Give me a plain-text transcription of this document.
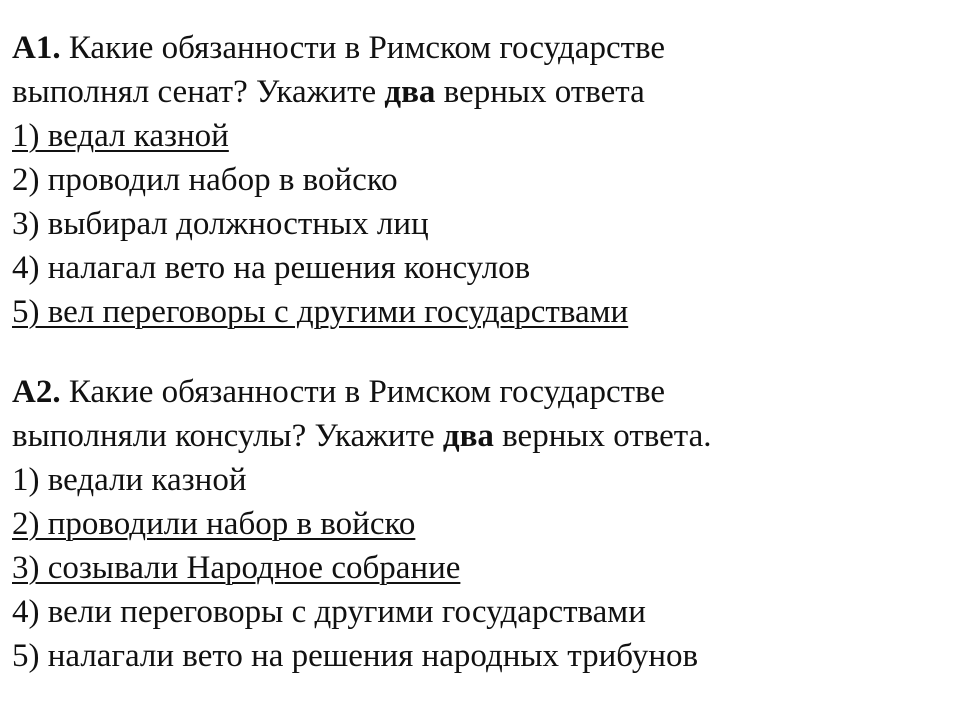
А1. Какие обязанности в Римском государстве
выполнял сенат? Укажите два верных ответа
1) ведал казной
2) проводил набор в войско
3) выбирал должностных лиц
4) налагал вето на решения консулов
5) вел переговоры с другими государствами
А2. Какие обязанности в Римском государстве
выполняли консулы? Укажите два верных ответа.
1) ведали казной
2) проводили набор в войско
3) созывали Народное собрание
4) вели переговоры с другими государствами
5) налагали вето на решения народных трибунов
